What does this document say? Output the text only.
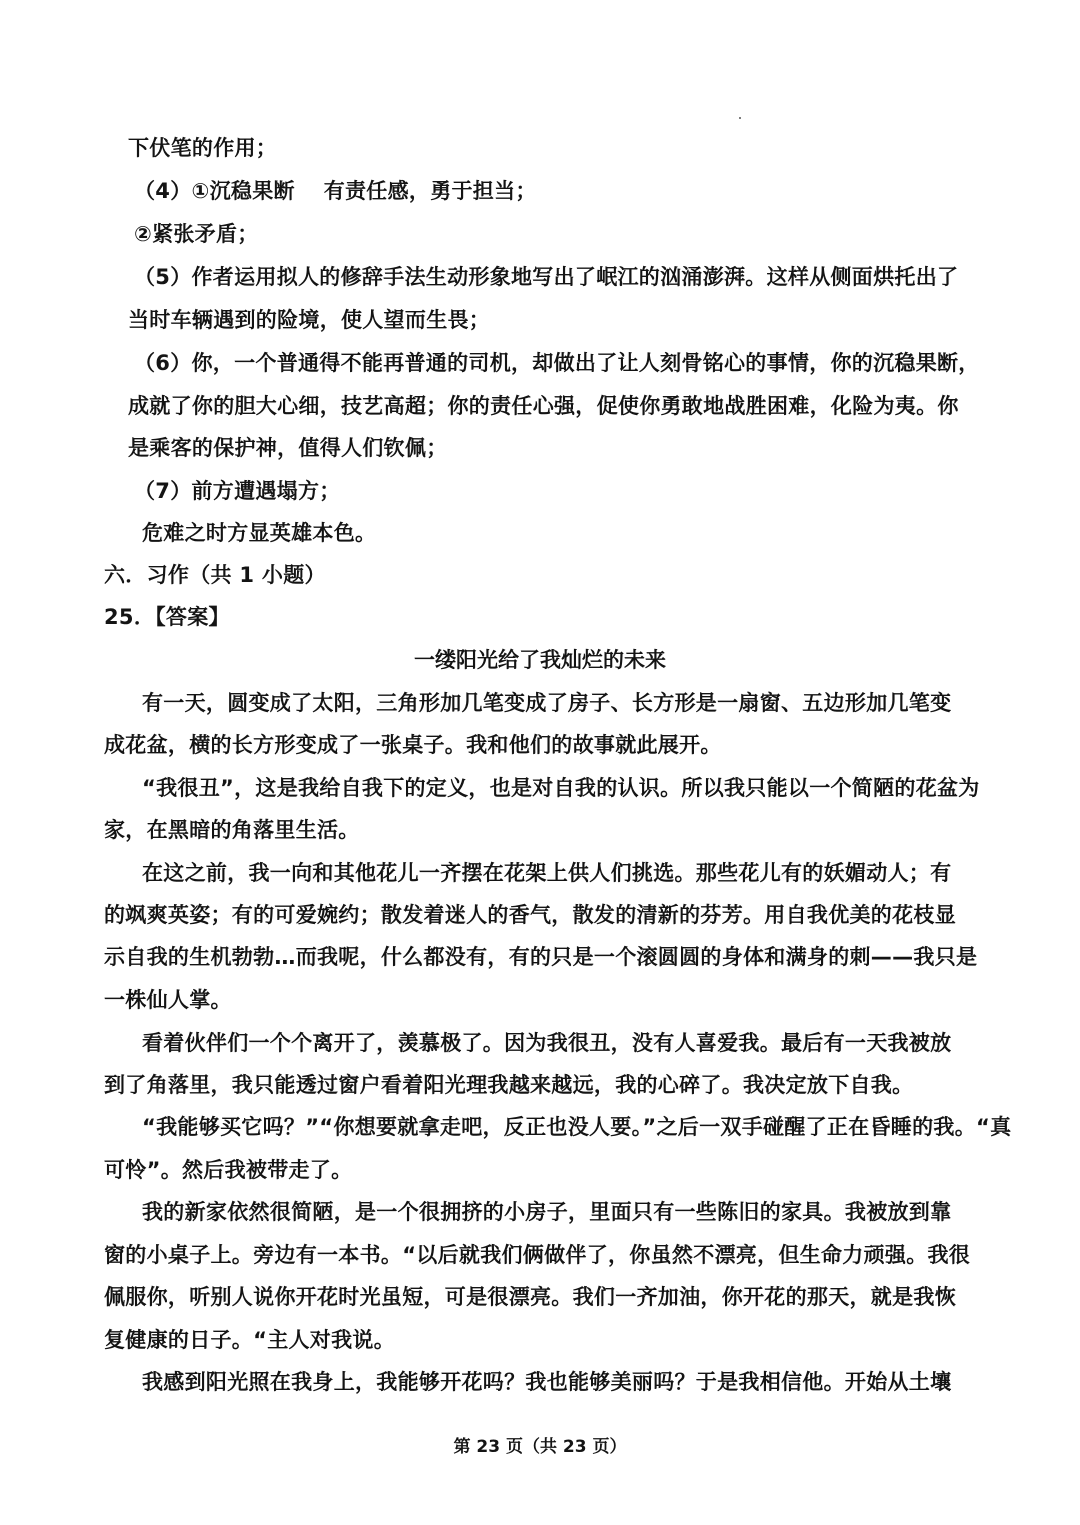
下伏笔的作用；
（4）①沉稳果断　 有责任感，勇于担当；
②紧张矛盾；
（5）作者运用拟人的修辞手法生动形象地写出了岷江的汹涌澎湃。这样从侧面烘托出了
当时车辆遇到的险境，使人望而生畏；
（6）你，一个普通得不能再普通的司机，却做出了让人刻骨铭心的事情，你的沉稳果断，
成就了你的胆大心细，技艺高超；你的责任心强，促使你勇敢地战胜困难，化险为夷。你
是乘客的保护神，值得人们钦佩；
（7）前方遭遇塌方；
危难之时方显英雄本色。
六．习作（共 1 小题）
25．【答案】
一缕阳光给了我灿烂的未来
有一天，圆变成了太阳，三角形加几笔变成了房子、长方形是一扇窗、五边形加几笔变
成花盆，横的长方形变成了一张桌子。我和他们的故事就此展开。
“我很丑”，这是我给自我下的定义，也是对自我的认识。所以我只能以一个简陋的花盆为
家，在黑暗的角落里生活。
在这之前，我一向和其他花儿一齐摆在花架上供人们挑选。那些花儿有的妖媚动人；有
的飒爽英姿；有的可爱婉约；散发着迷人的香气，散发的清新的芬芳。用自我优美的花枝显
示自我的生机勃勃…而我呢，什么都没有，有的只是一个滚圆圆的身体和满身的刺——我只是
一株仙人掌。
看着伙伴们一个个离开了，羡慕极了。因为我很丑，没有人喜爱我。最后有一天我被放
到了角落里，我只能透过窗户看着阳光理我越来越远，我的心碎了。我决定放下自我。
“我能够买它吗？”“你想要就拿走吧，反正也没人要。”之后一双手碰醒了正在昏睡的我。“真
可怜”。然后我被带走了。
我的新家依然很简陋，是一个很拥挤的小房子，里面只有一些陈旧的家具。我被放到靠
窗的小桌子上。旁边有一本书。“以后就我们俩做伴了，你虽然不漂亮，但生命力顽强。我很
佩服你，听别人说你开花时光虽短，可是很漂亮。我们一齐加油，你开花的那天，就是我恢
复健康的日子。“主人对我说。
我感到阳光照在我身上，我能够开花吗？我也能够美丽吗？于是我相信他。开始从土壤
第 23 页（共 23 页）
